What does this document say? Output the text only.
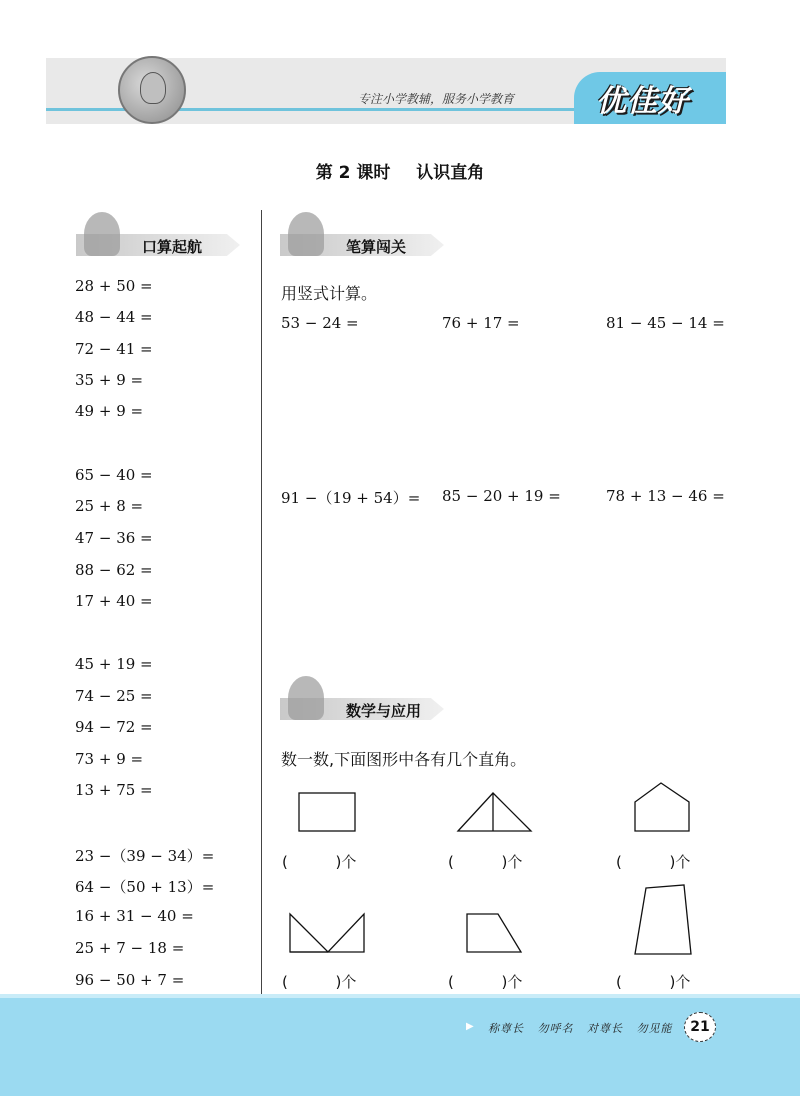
专注小学教辅，服务小学教育	优佳好
第 2 课时 认识直角
口算起航
28 + 50 =
48 − 44 =
72 − 41 =
35 + 9 =
49 + 9 =
65 − 40 =
25 + 8 =
47 − 36 =
88 − 62 =
17 + 40 =
45 + 19 =
74 − 25 =
94 − 72 =
73 + 9 =
13 + 75 =
23 −（39 − 34）=
64 −（50 + 13）=
16 + 31 − 40 =
25 + 7 − 18 =
96 − 50 + 7 =
笔算闯关
用竖式计算。
53 − 24 =	76 + 17 =	81 − 45 − 14 =
91 −（19 + 54）= 85 − 20 + 19 =	78 + 13 − 46 =
数学与应用
数一数,下面图形中各有几个直角。
(          )个	(          )个	(          )个
(          )个	(          )个	(          )个
▶ 称尊长   勿呼名   对尊长   勿见能	21
